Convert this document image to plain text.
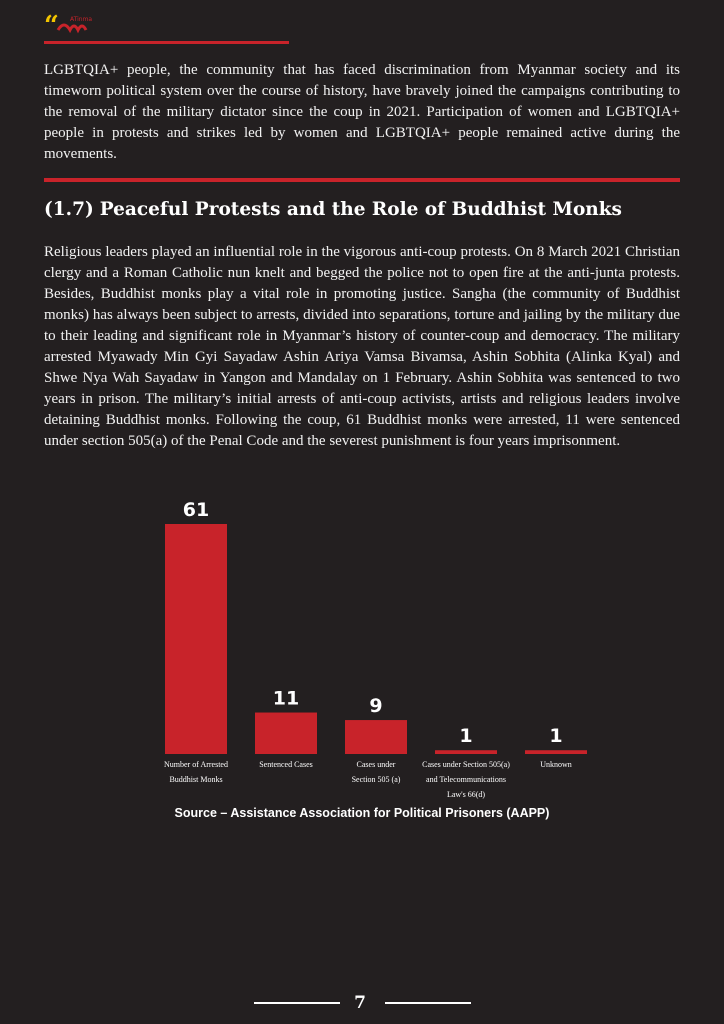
“ ATinma

LGBTQIA+ people, the community that has faced discrimination from Myanmar society and its timeworn political system over the course of history, have bravely joined the campaigns contributing to the removal of the military dictator since the coup in 2021. Participation of women and LGBTQIA+ people in protests and strikes led by women and LGBTQIA+ people remained active during the movements.

(1.7) Peaceful Protests and the Role of Buddhist Monks

Religious leaders played an influential role in the vigorous anti-coup protests. On 8 March 2021 Christian clergy and a Roman Catholic nun knelt and begged the police not to open fire at the anti-junta protests. Besides, Buddhist monks play a vital role in promoting justice. Sangha (the community of Buddhist monks) has always been subject to arrests, divided into separations, torture and jailing by the military due to their leading and significant role in Myanmar’s history of counter-coup and democracy. The military arrested Myawady Min Gyi Sayadaw Ashin Ariya Vamsa Bivamsa, Ashin Sobhita (Alinka Kyal) and Shwe Nya Wah Sayadaw in Yangon and Mandalay on 1 February. Ashin Sobhita was sentenced to two years in prison. The military’s initial arrests of anti-coup activists, artists and religious leaders involve detaining Buddhist monks. Following the coup, 61 Buddhist monks were arrested, 11 were sentenced under section 505(a) of the Penal Code and the severest punishment is four years imprisonment.

61
Number of Arrested
Buddhist Monks
11
Sentenced Cases
9
Cases under
Section 505 (a)
1
Cases under Section 505(a)
and Telecommunications
Law's 66(d)
1
Unknown
Source – Assistance Association for Political Prisoners (AAPP)
7
